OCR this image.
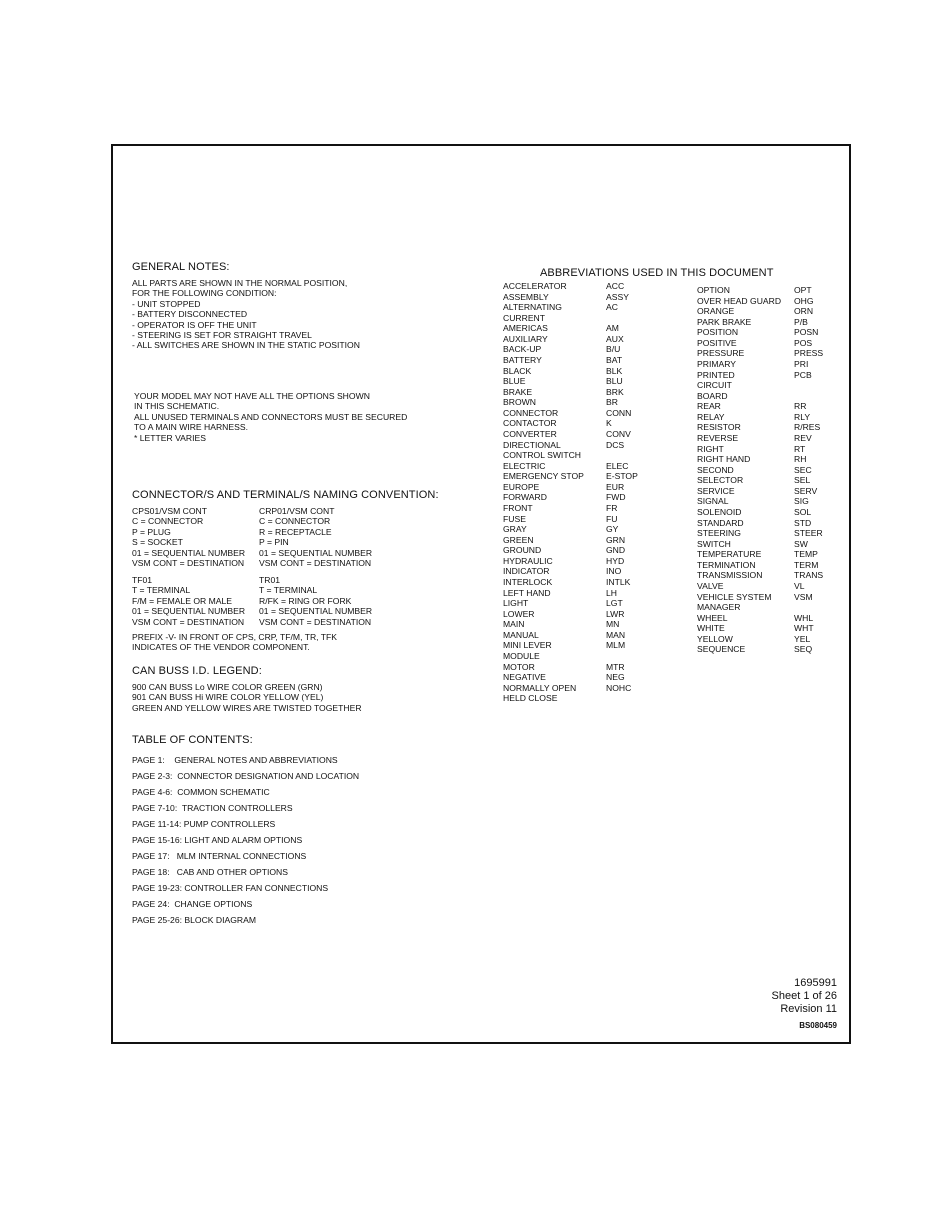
GENERAL NOTES:
ALL PARTS ARE SHOWN IN THE NORMAL POSITION,
FOR THE FOLLOWING CONDITION:
- UNIT STOPPED
- BATTERY DISCONNECTED
- OPERATOR IS OFF THE UNIT
- STEERING IS SET FOR STRAIGHT TRAVEL
- ALL SWITCHES ARE SHOWN IN THE STATIC POSITION
YOUR MODEL MAY NOT HAVE ALL THE OPTIONS SHOWN
IN THIS SCHEMATIC.
ALL UNUSED TERMINALS AND CONNECTORS MUST BE SECURED
TO A MAIN WIRE HARNESS.
* LETTER VARIES
CONNECTOR/S AND TERMINAL/S NAMING CONVENTION:
CPS01/VSM CONT
C = CONNECTOR
P = PLUG
S = SOCKET
01 = SEQUENTIAL NUMBER
VSM CONT = DESTINATION
CRP01/VSM CONT
C = CONNECTOR
R = RECEPTACLE
P = PIN
01 = SEQUENTIAL NUMBER
VSM CONT = DESTINATION
TF01
T = TERMINAL
F/M = FEMALE OR MALE
01 = SEQUENTIAL NUMBER
VSM CONT = DESTINATION
TR01
T = TERMINAL
R/FK = RING OR FORK
01 = SEQUENTIAL NUMBER
VSM CONT = DESTINATION
PREFIX -V- IN FRONT OF CPS, CRP, TF/M, TR, TFK
INDICATES OF THE VENDOR COMPONENT.
CAN BUSS I.D. LEGEND:
900 CAN BUSS Lo WIRE COLOR GREEN (GRN)
901 CAN BUSS Hi WIRE COLOR YELLOW (YEL)
GREEN AND YELLOW WIRES ARE TWISTED TOGETHER
TABLE OF CONTENTS:
PAGE 1:    GENERAL NOTES AND ABBREVIATIONS
PAGE 2-3:  CONNECTOR DESIGNATION AND LOCATION
PAGE 4-6:  COMMON SCHEMATIC
PAGE 7-10:  TRACTION CONTROLLERS
PAGE 11-14: PUMP CONTROLLERS
PAGE 15-16: LIGHT AND ALARM OPTIONS
PAGE 17:   MLM INTERNAL CONNECTIONS
PAGE 18:   CAB AND OTHER OPTIONS
PAGE 19-23: CONTROLLER FAN CONNECTIONS
PAGE 24:  CHANGE OPTIONS
PAGE 25-26: BLOCK DIAGRAM
ABBREVIATIONS USED IN THIS DOCUMENT
ACCELERATOR	ACC
ASSEMBLY	ASSY
ALTERNATING	AC
CURRENT
AMERICAS	AM
AUXILIARY	AUX
BACK-UP	B/U
BATTERY	BAT
BLACK	BLK
BLUE	BLU
BRAKE	BRK
BROWN	BR
CONNECTOR	CONN
CONTACTOR	K
CONVERTER	CONV
DIRECTIONAL	DCS
CONTROL SWITCH
ELECTRIC	ELEC
EMERGENCY STOP	E-STOP
EUROPE	EUR
FORWARD	FWD
FRONT	FR
FUSE	FU
GRAY	GY
GREEN	GRN
GROUND	GND
HYDRAULIC	HYD
INDICATOR	INO
INTERLOCK	INTLK
LEFT HAND	LH
LIGHT	LGT
LOWER	LWR
MAIN	MN
MANUAL	MAN
MINI LEVER	MLM
MODULE
MOTOR	MTR
NEGATIVE	NEG
NORMALLY OPEN	NOHC
HELD CLOSE
OPTION	OPT
OVER HEAD GUARD OHG
ORANGE	ORN
PARK BRAKE	P/B
POSITION	POSN
POSITIVE	POS
PRESSURE	PRESS
PRIMARY	PRI
PRINTED	PCB
CIRCUIT
BOARD
REAR	RR
RELAY	RLY
RESISTOR	R/RES
REVERSE	REV
RIGHT	RT
RIGHT HAND	RH
SECOND	SEC
SELECTOR	SEL
SERVICE	SERV
SIGNAL	SIG
SOLENOID	SOL
STANDARD	STD
STEERING	STEER
SWITCH	SW
TEMPERATURE	TEMP
TERMINATION	TERM
TRANSMISSION	TRANS
VALVE	VL
VEHICLE SYSTEM	VSM
MANAGER
WHEEL	WHL
WHITE	WHT
YELLOW	YEL
SEQUENCE	SEQ
1695991
Sheet 1 of 26
Revision 11
BS080459
